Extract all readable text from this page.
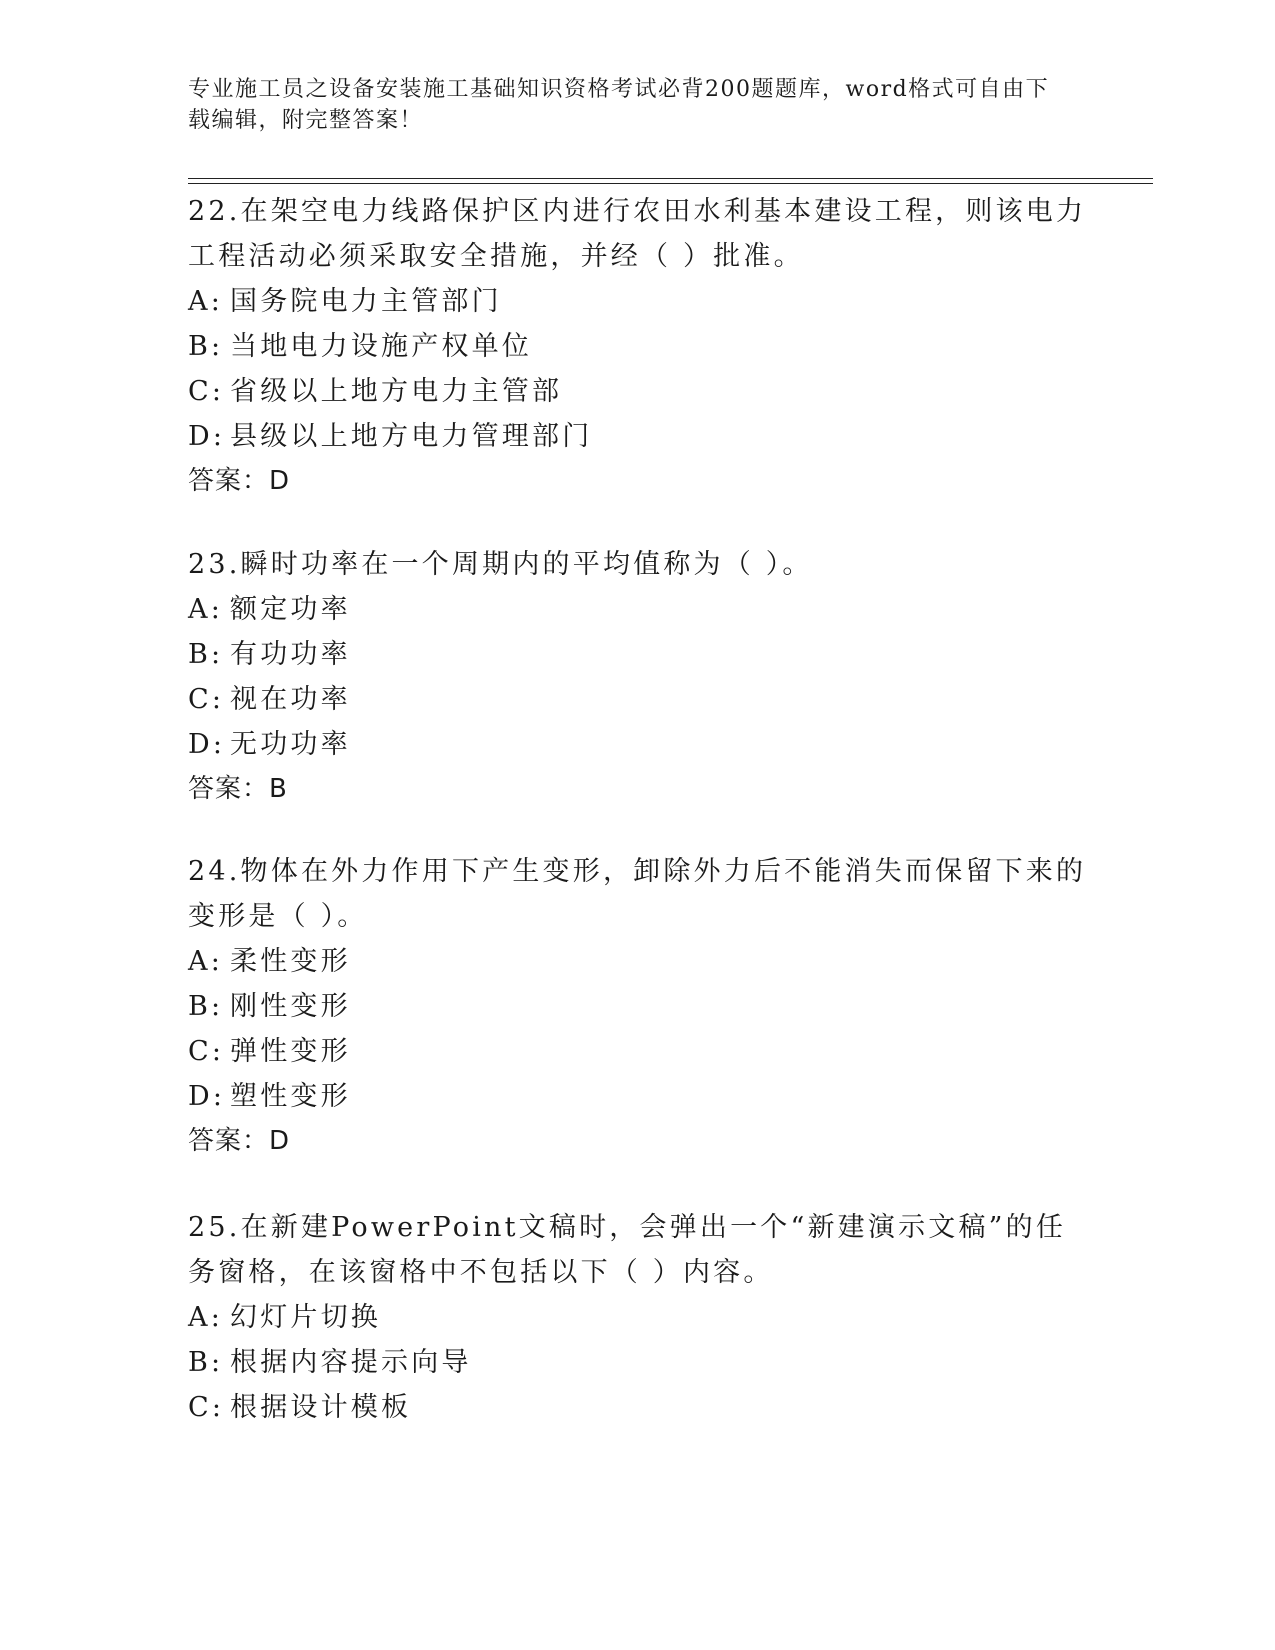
专业施工员之设备安装施工基础知识资格考试必背200题题库，word格式可自由下载编辑，附完整答案！

22.在架空电力线路保护区内进行农田水利基本建设工程，则该电力工程活动必须采取安全措施，并经（ ）批准。

A: 国务院电力主管部门

B: 当地电力设施产权单位

C: 省级以上地方电力主管部

D: 县级以上地方电力管理部门

答案：D

23.瞬时功率在一个周期内的平均值称为（ ）。

A: 额定功率

B: 有功功率

C: 视在功率

D: 无功功率

答案：B

24.物体在外力作用下产生变形，卸除外力后不能消失而保留下来的变形是（ ）。

A: 柔性变形

B: 刚性变形

C: 弹性变形

D: 塑性变形

答案：D

25.在新建PowerPoint文稿时，会弹出一个“新建演示文稿”的任务窗格，在该窗格中不包括以下（ ）内容。

A: 幻灯片切换

B: 根据内容提示向导

C: 根据设计模板
